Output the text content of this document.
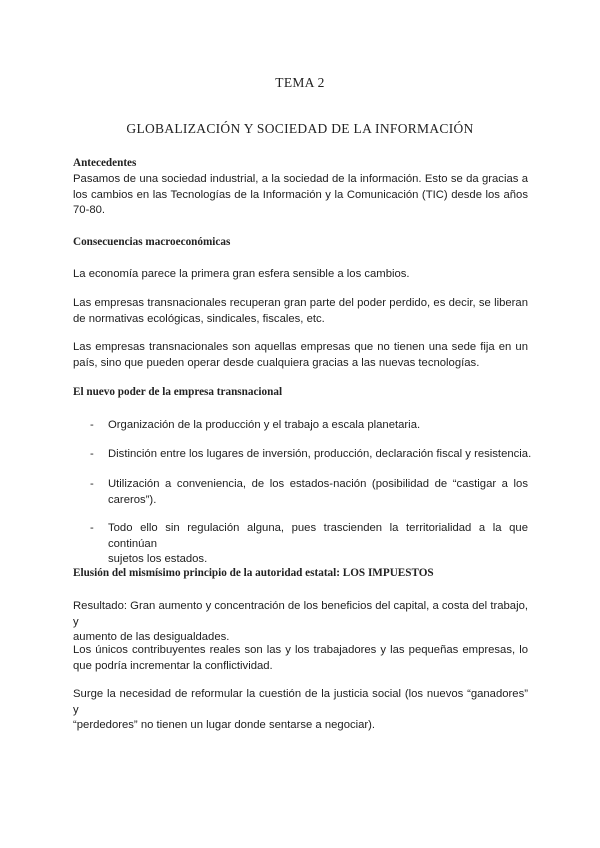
TEMA 2
GLOBALIZACIÓN Y SOCIEDAD DE LA INFORMACIÓN
Antecedentes
Pasamos de una sociedad industrial, a la sociedad de la información. Esto se da gracias a
los cambios en las Tecnologías de la Información y la Comunicación (TIC) desde los años
70-80.
Consecuencias macroeconómicas
La economía parece la primera gran esfera sensible a los cambios.
Las empresas transnacionales recuperan gran parte del poder perdido, es decir, se liberan
de normativas ecológicas, sindicales, fiscales, etc.
Las empresas transnacionales son aquellas empresas que no tienen una sede fija en un
país, sino que pueden operar desde cualquiera gracias a las nuevas tecnologías.
El nuevo poder de la empresa transnacional
- Organización de la producción y el trabajo a escala planetaria.
- Distinción entre los lugares de inversión, producción, declaración fiscal y resistencia.
- Utilización a conveniencia, de los estados-nación (posibilidad de “castigar a los
careros”).
- Todo ello sin regulación alguna, pues trascienden la territorialidad a la que continúan
sujetos los estados.
Elusión del mismísimo principio de la autoridad estatal: LOS IMPUESTOS
Resultado: Gran aumento y concentración de los beneficios del capital, a costa del trabajo, y
aumento de las desigualdades.
Los únicos contribuyentes reales son las y los trabajadores y las pequeñas empresas, lo
que podría incrementar la conflictividad.
Surge la necesidad de reformular la cuestión de la justicia social (los nuevos “ganadores” y
“perdedores” no tienen un lugar donde sentarse a negociar).
